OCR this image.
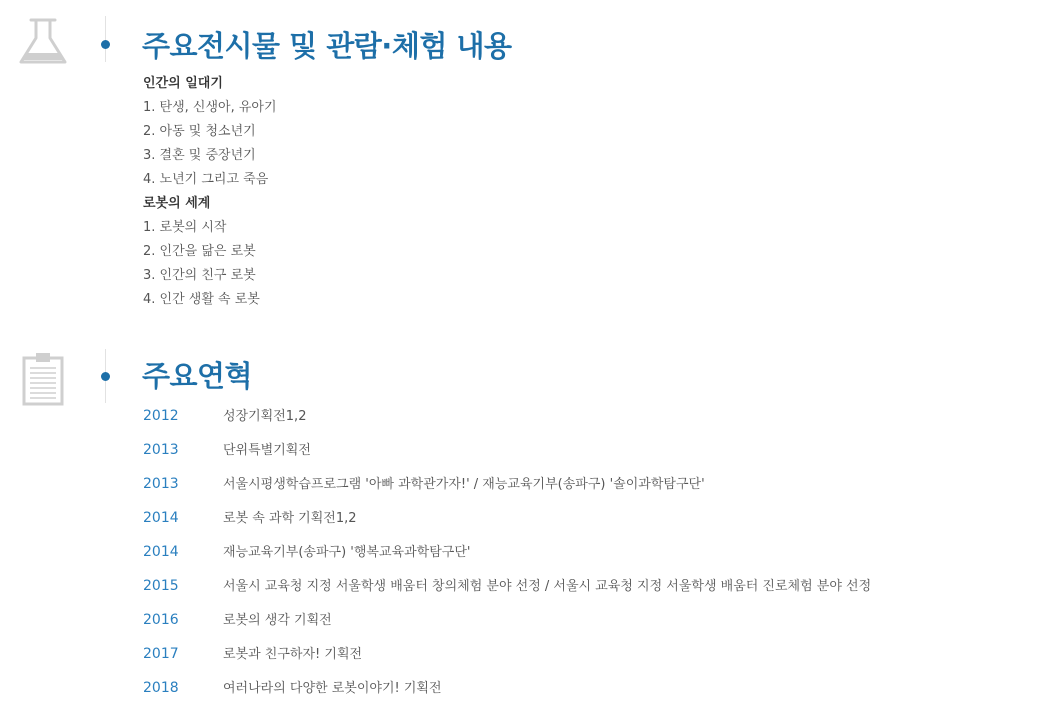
주요전시물 및 관람·체험 내용
인간의 일대기
1. 탄생, 신생아, 유아기
2. 아동 및 청소년기
3. 결혼 및 중장년기
4. 노년기 그리고 죽음
로봇의 세계
1. 로봇의 시작
2. 인간을 닮은 로봇
3. 인간의 친구 로봇
4. 인간 생활 속 로봇
주요연혁
2012	성장기획전1,2
2013	단위특별기획전
2013	서울시평생학습프로그램 '아빠 과학관가자!' / 재능교육기부(송파구) '솔이과학탐구단'
2014	로봇 속 과학 기획전1,2
2014	재능교육기부(송파구) '행복교육과학탐구단'
2015	서울시 교육청 지정 서울학생 배움터 창의체험 분야 선정 / 서울시 교육청 지정 서울학생 배움터 진로체험 분야 선정
2016	로봇의 생각 기획전
2017	로봇과 친구하자! 기획전
2018	여러나라의 다양한 로봇이야기! 기획전
